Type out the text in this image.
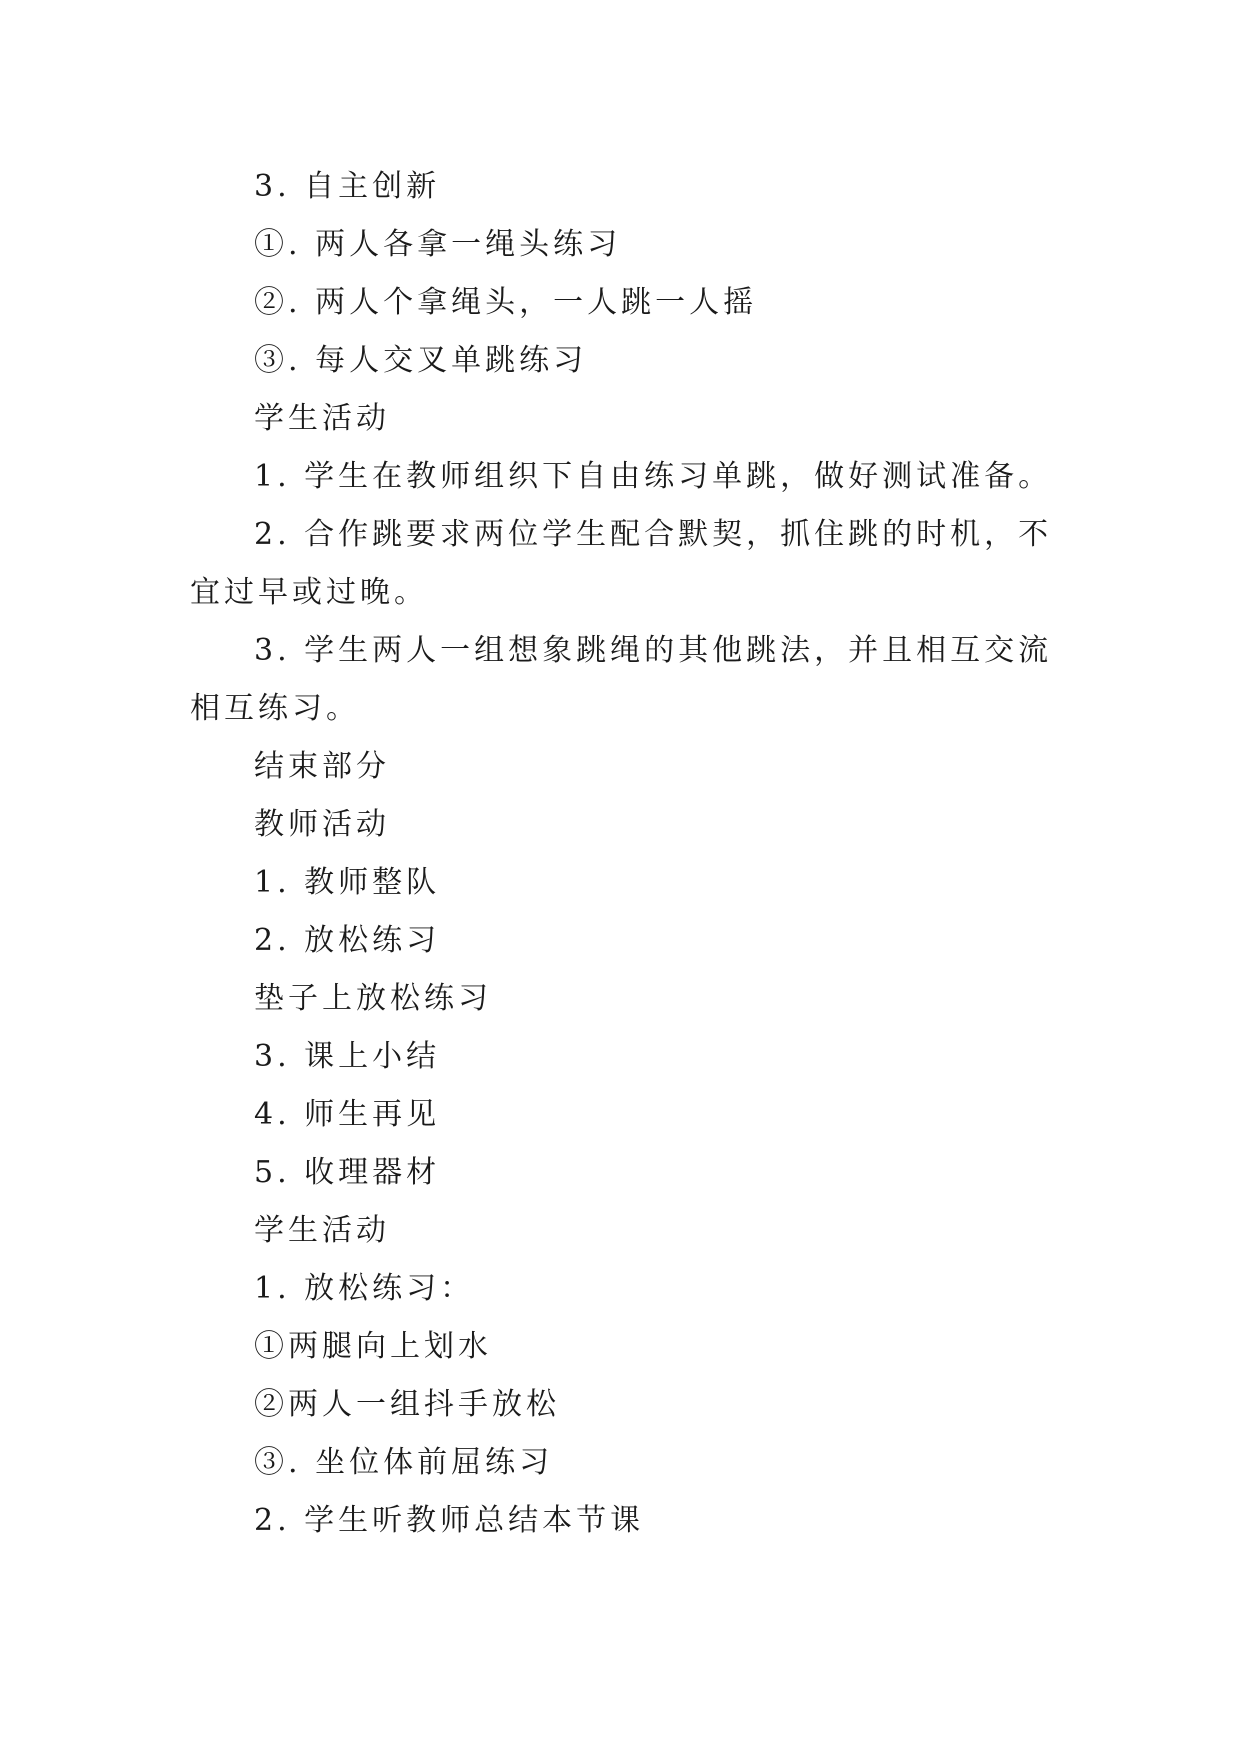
3. 自主创新

①. 两人各拿一绳头练习

②. 两人个拿绳头，一人跳一人摇

③. 每人交叉单跳练习

学生活动

1. 学生在教师组织下自由练习单跳，做好测试准备。

2. 合作跳要求两位学生配合默契，抓住跳的时机，不宜过早或过晚。

3. 学生两人一组想象跳绳的其他跳法，并且相互交流相互练习。

结束部分

教师活动

1. 教师整队

2. 放松练习

垫子上放松练习

3. 课上小结

4. 师生再见

5. 收理器材

学生活动

1. 放松练习：

①两腿向上划水

②两人一组抖手放松

③. 坐位体前屈练习

2. 学生听教师总结本节课
